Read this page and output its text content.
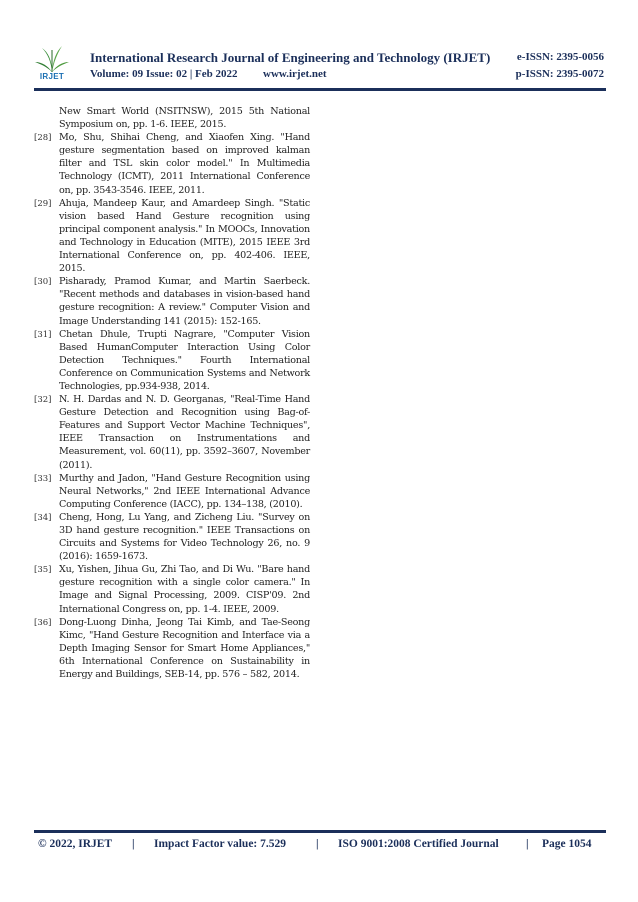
IRJET
International Research Journal of Engineering and Technology (IRJET) e-ISSN: 2395-0056
Volume: 09 Issue: 02 | Feb 2022 www.irjet.net	p-ISSN: 2395-0072
New Smart World (NSITNSW), 2015 5th National Symposium on, pp. 1-6. IEEE, 2015.
[28] Mo, Shu, Shihai Cheng, and Xiaofen Xing. "Hand gesture segmentation based on improved kalman filter and TSL skin color model." In Multimedia Technology (ICMT), 2011 International Conference on, pp. 3543-3546. IEEE, 2011.
[29] Ahuja, Mandeep Kaur, and Amardeep Singh. "Static vision based Hand Gesture recognition using principal component analysis." In MOOCs, Innovation and Technology in Education (MITE), 2015 IEEE 3rd International Conference on, pp. 402-406. IEEE, 2015.
[30] Pisharady, Pramod Kumar, and Martin Saerbeck. "Recent methods and databases in vision-based hand gesture recognition: A review." Computer Vision and Image Understanding 141 (2015): 152-165.
[31] Chetan Dhule, Trupti Nagrare, "Computer Vision Based HumanComputer Interaction Using Color Detection Techniques." Fourth International Conference on Communication Systems and Network Technologies, pp.934-938, 2014.
[32] N. H. Dardas and N. D. Georganas, "Real-Time Hand Gesture Detection and Recognition using Bag-of-Features and Support Vector Machine Techniques", IEEE Transaction on Instrumentations and Measurement, vol. 60(11), pp. 3592–3607, November (2011).
[33] Murthy and Jadon, "Hand Gesture Recognition using Neural Networks," 2nd IEEE International Advance Computing Conference (IACC), pp. 134–138, (2010).
[34] Cheng, Hong, Lu Yang, and Zicheng Liu. "Survey on 3D hand gesture recognition." IEEE Transactions on Circuits and Systems for Video Technology 26, no. 9 (2016): 1659-1673.
[35] Xu, Yishen, Jihua Gu, Zhi Tao, and Di Wu. "Bare hand gesture recognition with a single color camera." In Image and Signal Processing, 2009. CISP'09. 2nd International Congress on, pp. 1-4. IEEE, 2009.
[36] Dong-Luong Dinha, Jeong Tai Kimb, and Tae-Seong Kimc, "Hand Gesture Recognition and Interface via a Depth Imaging Sensor for Smart Home Appliances," 6th International Conference on Sustainability in Energy and Buildings, SEB-14, pp. 576 – 582, 2014.
© 2022, IRJET | Impact Factor value: 7.529	| ISO 9001:2008 Certified Journal | Page 1054
